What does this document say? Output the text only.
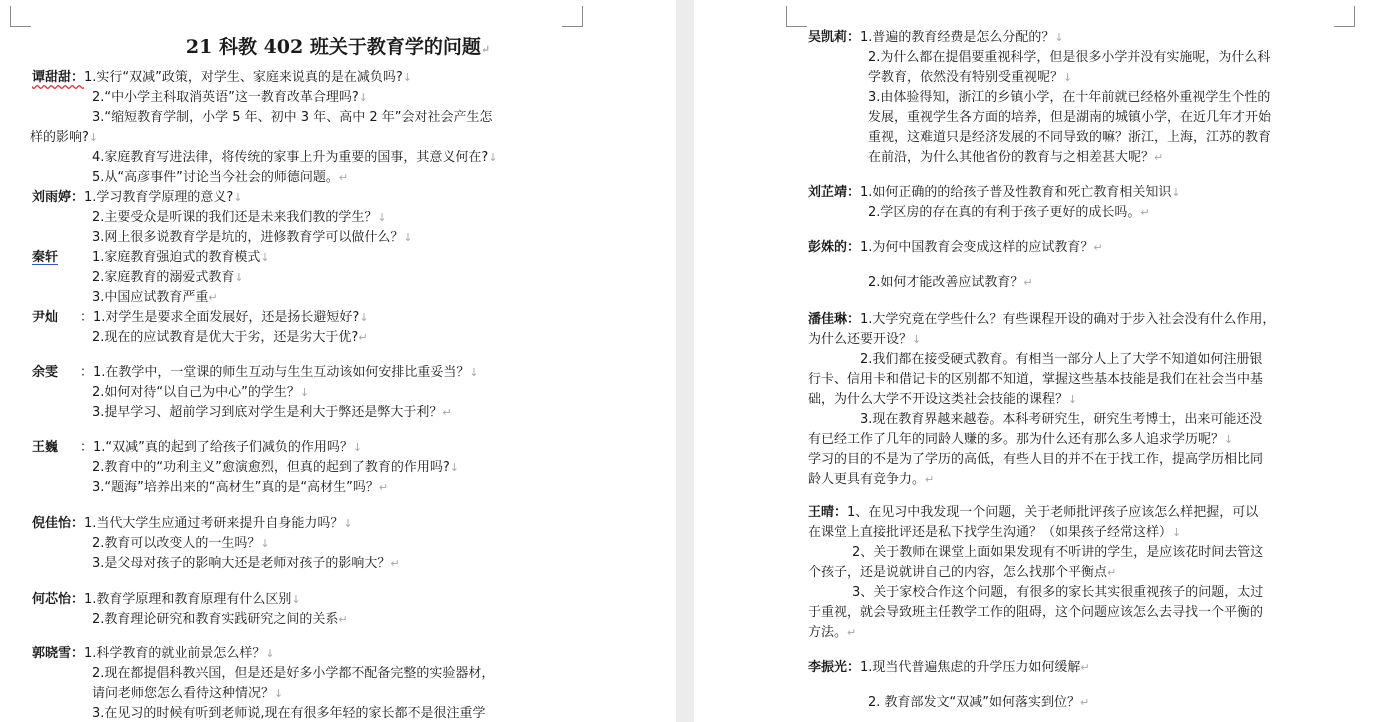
21 科教 402 班关于教育学的问题↵
谭甜甜：1.实行“双减”政策，对学生、家庭来说真的是在减负吗?↓
2.“中小学主科取消英语”这一教育改革合理吗?↓
3.“缩短教育学制，小学 5 年、初中 3 年、高中 2 年”会对社会产生怎
样的影响?↓
4.家庭教育写进法律，将传统的家事上升为重要的国事，其意义何在?↓
5.从“高彦事件”讨论当今社会的师德问题。↵
刘雨婷：1.学习教育学原理的意义?↓
2.主要受众是听课的我们还是未来我们教的学生？↓
3.网上很多说教育学是坑的，进修教育学可以做什么？↓
秦轩	1.家庭教育强迫式的教育模式↓
2.家庭教育的溺爱式教育↓
3.中国应试教育严重↵
尹灿 ：1.对学生是要求全面发展好，还是扬长避短好?↓
2.现在的应试教育是优大于劣，还是劣大于优?↵
余雯 ：1.在教学中，一堂课的师生互动与生生互动该如何安排比重妥当？↓
2.如何对待“以自己为中心”的学生？↓
3.提早学习、超前学习到底对学生是利大于弊还是弊大于利？↵
王巍 ：1.“双减”真的起到了给孩子们减负的作用吗？↓
2.教育中的“功利主义”愈演愈烈，但真的起到了教育的作用吗?↓
3.“题海”培养出来的“高材生”真的是“高材生”吗？↵
倪佳怡：1.当代大学生应通过考研来提升自身能力吗？↓
2.教育可以改变人的一生吗？↓
3.是父母对孩子的影响大还是老师对孩子的影响大？↵
何芯怡：1.教育学原理和教育原理有什么区别↓
2.教育理论研究和教育实践研究之间的关系↵
郭晓雪：1.科学教育的就业前景怎么样？↓
2.现在都提倡科教兴国，但是还是好多小学都不配备完整的实验器材，
请问老师您怎么看待这种情况？↓
3.在见习的时候有听到老师说,现在有很多年轻的家长都不是很注重学
吴凯莉：1.普遍的教育经费是怎么分配的？↓
2.为什么都在提倡要重视科学，但是很多小学并没有实施呢，为什么科
学教育，依然没有特别受重视呢？↓
3.由体验得知，浙江的乡镇小学，在十年前就已经格外重视学生个性的
发展，重视学生各方面的培养，但是湖南的城镇小学，在近几年才开始
重视，这难道只是经济发展的不同导致的嘛？浙江，上海，江苏的教育
在前沿，为什么其他省份的教育与之相差甚大呢？↵
刘芷靖：1.如何正确的的给孩子普及性教育和死亡教育相关知识↓
2.学区房的存在真的有利于孩子更好的成长吗。↵
彭姝的：1.为何中国教育会变成这样的应试教育？↵
2.如何才能改善应试教育？↵
潘佳琳：1.大学究竟在学些什么？有些课程开设的确对于步入社会没有什么作用，
为什么还要开设？↓
2.我们都在接受硬式教育。有相当一部分人上了大学不知道如何注册银
行卡、信用卡和借记卡的区别都不知道，掌握这些基本技能是我们在社会当中基
础，为什么大学不开设这类社会技能的课程？↓
3.现在教育界越来越卷。本科考研究生，研究生考博士，出来可能还没
有已经工作了几年的同龄人赚的多。那为什么还有那么多人追求学历呢？↓
学习的目的不是为了学历的高低，有些人目的并不在于找工作，提高学历相比同
龄人更具有竞争力。↵
王晴：1、在见习中我发现一个问题，关于老师批评孩子应该怎么样把握，可以
在课堂上直接批评还是私下找学生沟通？（如果孩子经常这样）↓
2、关于教师在课堂上面如果发现有不听讲的学生，是应该花时间去管这
个孩子，还是说就讲自己的内容，怎么找那个平衡点↵
3、关于家校合作这个问题，有很多的家长其实很重视孩子的问题，太过
于重视，就会导致班主任教学工作的阻碍，这个问题应该怎么去寻找一个平衡的
方法。↵
李振光：1.现当代普遍焦虑的升学压力如何缓解↵
2. 教育部发文“双减”如何落实到位？↵
